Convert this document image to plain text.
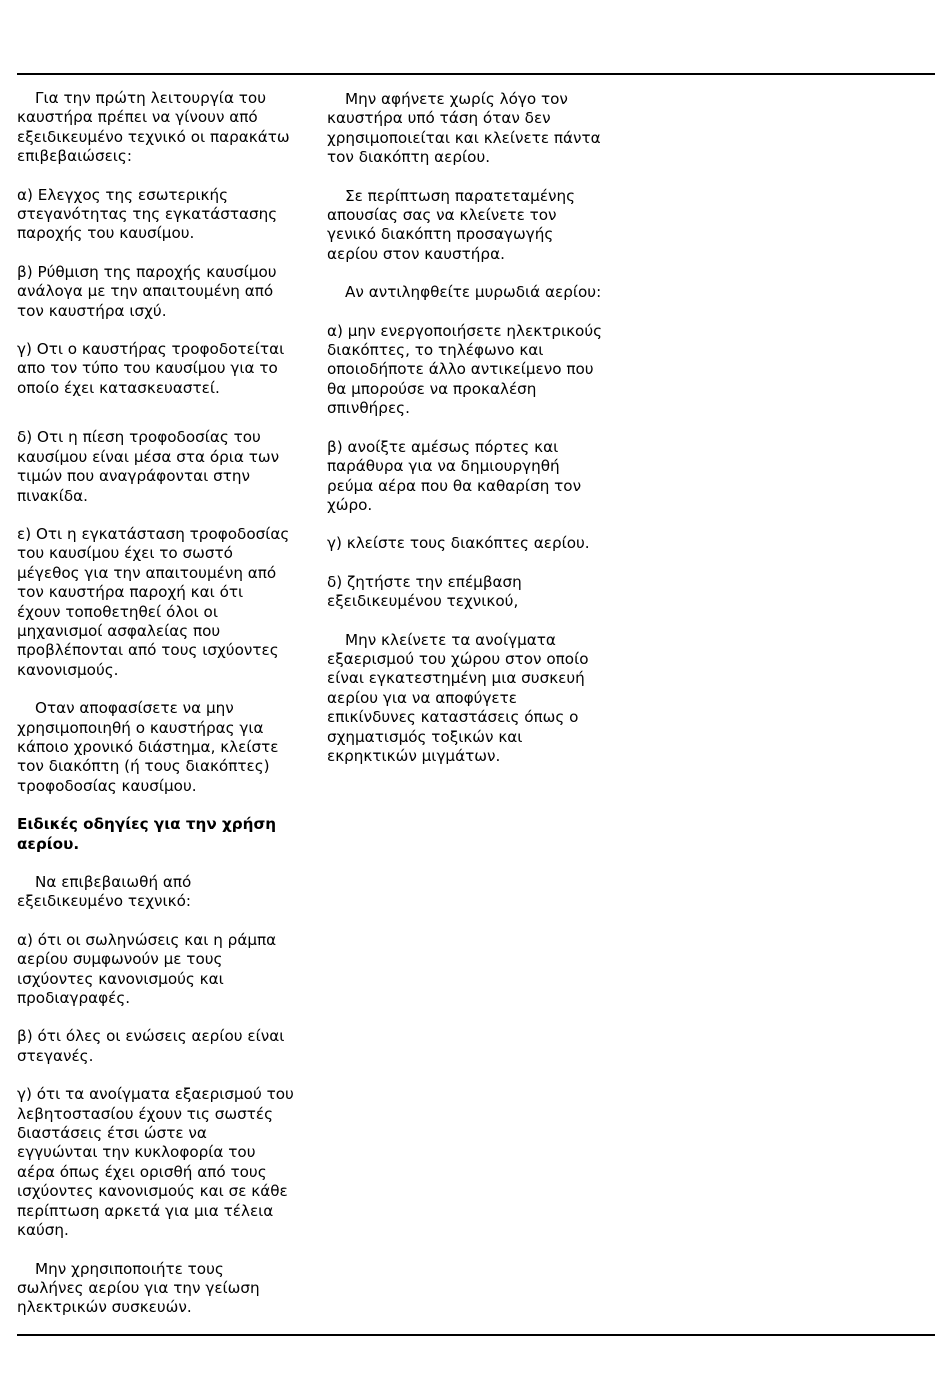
Για την πρώτη λειτουργία του
καυστήρα πρέπει να γίνουν από
εξειδικευμένο τεχνικό οι παρακάτω
επιβεβαιώσεις:

α) Ελεγχος της εσωτερικής
στεγανότητας της εγκατάστασης
παροχής του καυσίμου.

β) Ρύθμιση της παροχής καυσίμου
ανάλογα με την απαιτουμένη από
τον καυστήρα ισχύ.

γ) Οτι ο καυστήρας τροφοδοτείται
απο τον τύπο του καυσίμου για το
οποίο έχει κατασκευαστεί.

δ) Οτι η πίεση τροφοδοσίας του
καυσίμου είναι μέσα στα όρια των
τιμών που αναγράφονται στην
πινακίδα.

ε) Οτι η εγκατάσταση τροφοδοσίας
του καυσίμου έχει το σωστό
μέγεθος για την απαιτουμένη από
τον καυστήρα παροχή και ότι
έχουν τοποθετηθεί όλοι οι
μηχανισμοί ασφαλείας που
προβλέπονται από τους ισχύοντες
κανονισμούς.

Οταν αποφασίσετε να μην
χρησιμοποιηθή ο καυστήρας για
κάποιο χρονικό διάστημα, κλείστε
τον διακόπτη (ή τους διακόπτες)
τροφοδοσίας καυσίμου.

Ειδικές οδηγίες για την χρήση
αερίου.

Να επιβεβαιωθή από
εξειδικευμένο τεχνικό:

α) ότι οι σωληνώσεις και η ράμπα
αερίου συμφωνούν με τους
ισχύοντες κανονισμούς και
προδιαγραφές.

β) ότι όλες οι ενώσεις αερίου είναι
στεγανές.

γ) ότι τα ανοίγματα εξαερισμού του
λεβητοστασίου έχουν τις σωστές
διαστάσεις έτσι ώστε να
εγγυώνται την κυκλοφορία του
αέρα όπως έχει ορισθή από τους
ισχύοντες κανονισμούς και σε κάθε
περίπτωση αρκετά για μια τέλεια
καύση.

Μην χρησιποποιήτε τους
σωλήνες αερίου για την γείωση
ηλεκτρικών συσκευών.

Μην αφήνετε χωρίς λόγο τον
καυστήρα υπό τάση όταν δεν
χρησιμοποιείται και κλείνετε πάντα
τον διακόπτη αερίου.

Σε περίπτωση παρατεταμένης
απουσίας σας να κλείνετε τον
γενικό διακόπτη προσαγωγής
αερίου στον καυστήρα.

Αν αντιληφθείτε μυρωδιά αερίου:

α) μην ενεργοποιήσετε ηλεκτρικούς
διακόπτες, το τηλέφωνο και
οποιοδήποτε άλλο αντικείμενο που
θα μπορούσε να προκαλέση
σπινθήρες.

β) ανοίξτε αμέσως πόρτες και
παράθυρα για να δημιουργηθή
ρεύμα αέρα που θα καθαρίση τον
χώρο.

γ) κλείστε τους διακόπτες αερίου.

δ) ζητήστε την επέμβαση
εξειδικευμένου τεχνικού,

Μην κλείνετε τα ανοίγματα
εξαερισμού του χώρου στον οποίο
είναι εγκατεστημένη μια συσκευή
αερίου για να αποφύγετε
επικίνδυνες καταστάσεις όπως ο
σχηματισμός τοξικών και
εκρηκτικών μιγμάτων.
